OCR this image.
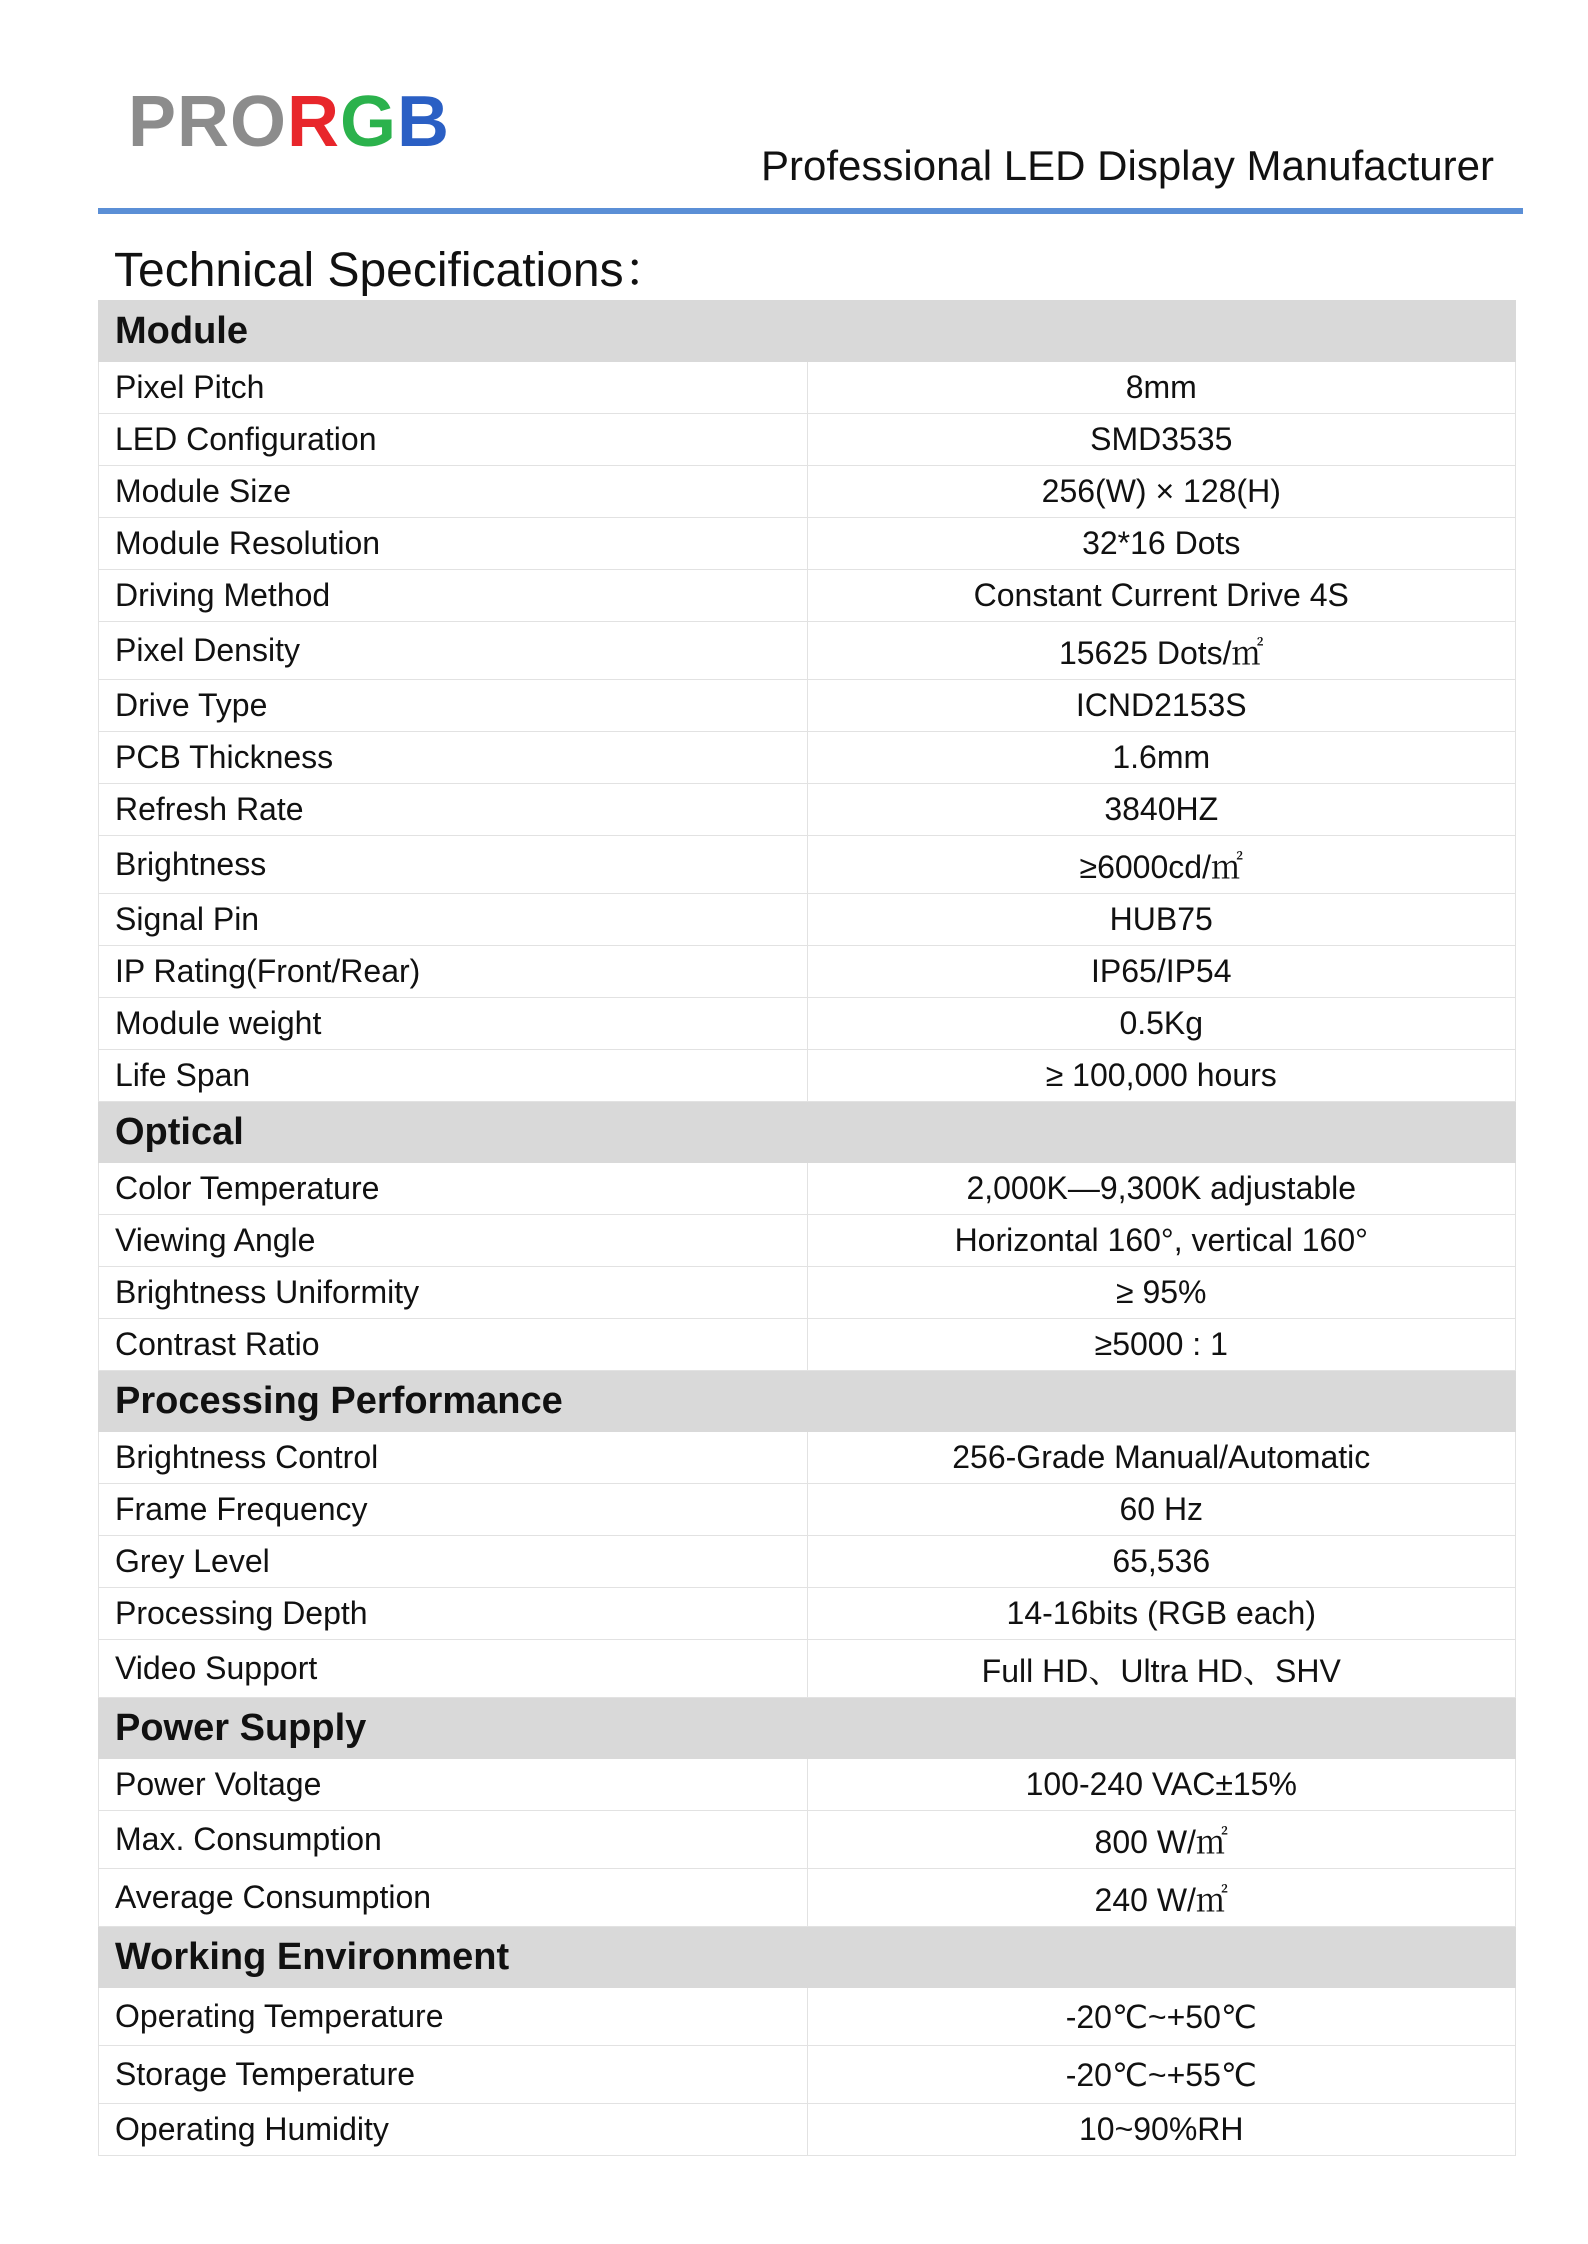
PRORGB
Professional LED Display Manufacturer
Technical Specifications：
Module	
Pixel Pitch	8mm
LED Configuration	SMD3535
Module Size	256(W) × 128(H)
Module Resolution	32*16 Dots
Driving Method	Constant Current Drive 4S
Pixel Density	15625 Dots/㎡
Drive Type	ICND2153S
PCB Thickness	1.6mm
Refresh Rate	3840HZ
Brightness	≥6000cd/㎡
Signal Pin	HUB75
IP Rating(Front/Rear)	IP65/IP54
Module weight	0.5Kg
Life Span	≥ 100,000 hours
Optical	
Color Temperature	2,000K—9,300K adjustable
Viewing Angle	Horizontal 160°, vertical 160°
Brightness Uniformity	≥ 95%
Contrast Ratio	≥5000 : 1
Processing Performance	
Brightness Control	256-Grade Manual/Automatic
Frame Frequency	60 Hz
Grey Level	65,536
Processing Depth	14-16bits (RGB each)
Video Support	Full HD、Ultra HD、SHV
Power Supply	
Power Voltage	100-240 VAC±15%
Max. Consumption	800 W/㎡
Average Consumption	240 W/㎡
Working Environment	
Operating Temperature	-20℃~+50℃
Storage Temperature	-20℃~+55℃
Operating Humidity	10~90%RH
